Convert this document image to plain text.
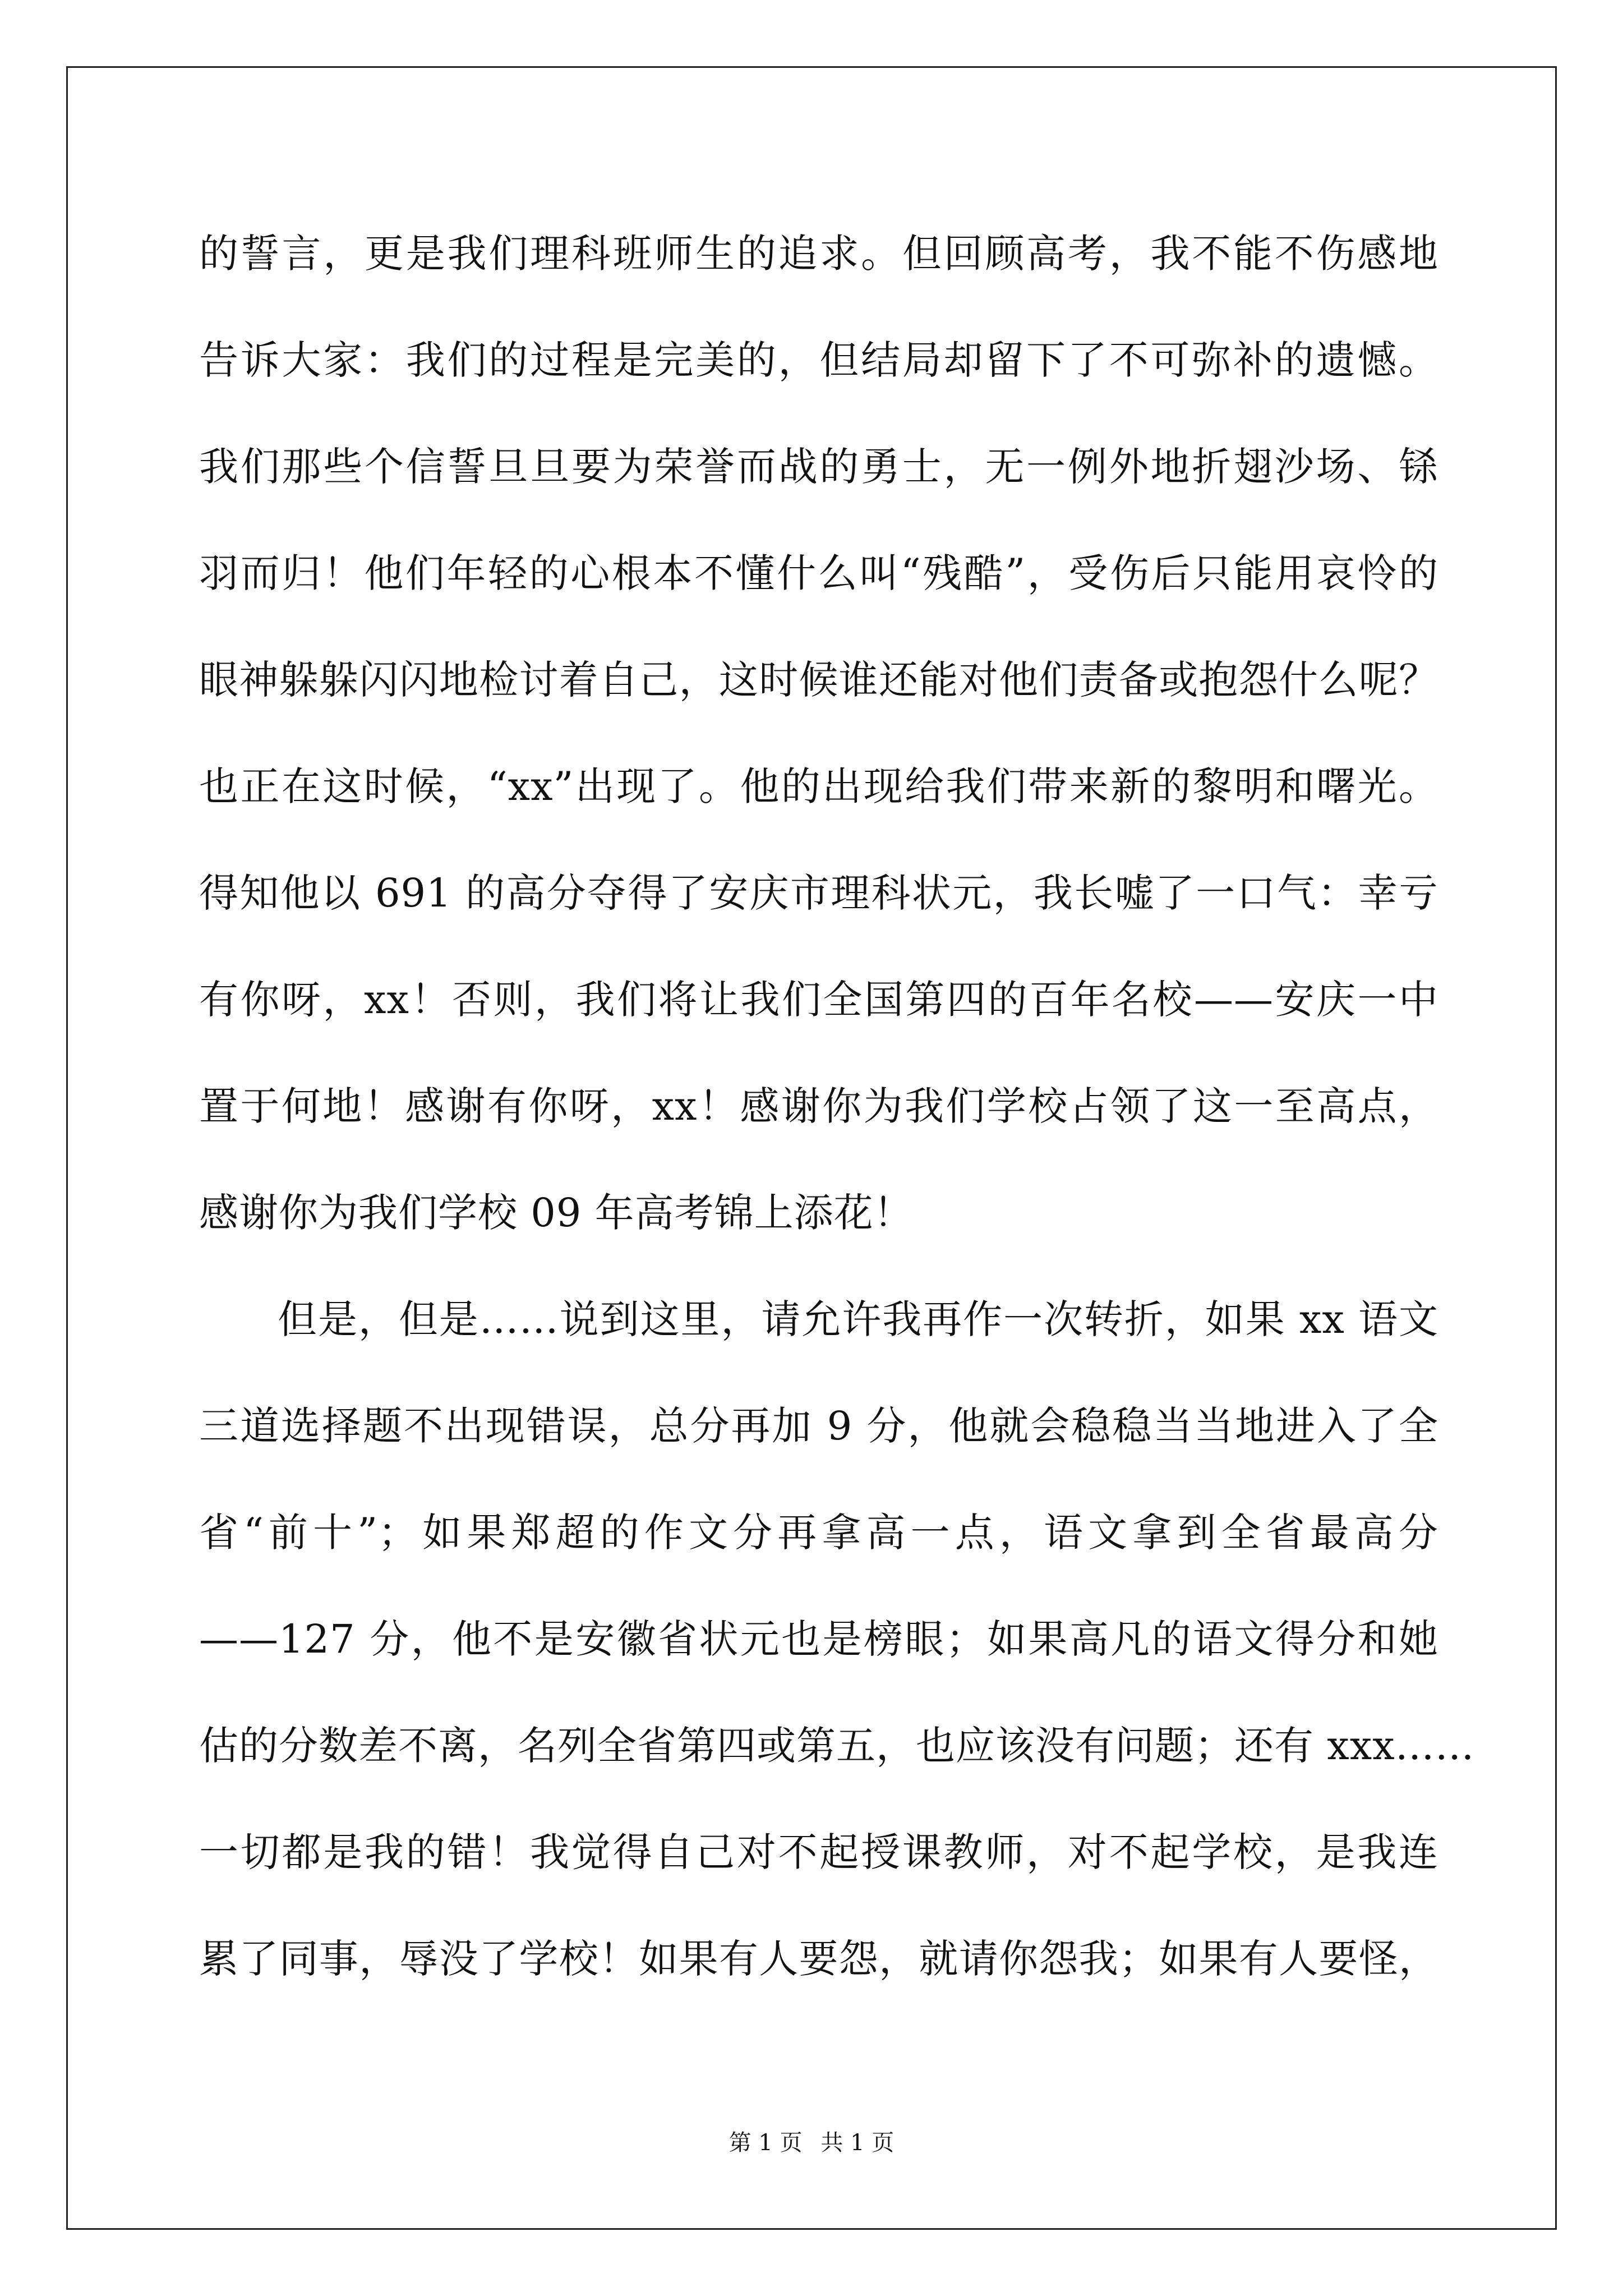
的誓言，更是我们理科班师生的追求。但回顾高考，我不能不伤感地
告诉大家：我们的过程是完美的，但结局却留下了不可弥补的遗憾。
我们那些个信誓旦旦要为荣誉而战的勇士，无一例外地折翅沙场、铩
羽而归！他们年轻的心根本不懂什么叫“残酷”，受伤后只能用哀怜的
眼神躲躲闪闪地检讨着自己，这时候谁还能对他们责备或抱怨什么呢？
也正在这时候，“xx”出现了。他的出现给我们带来新的黎明和曙光。
得知他以 691 的高分夺得了安庆市理科状元，我长嘘了一口气：幸亏
有你呀，xx！否则，我们将让我们全国第四的百年名校——安庆一中
置于何地！感谢有你呀，xx！感谢你为我们学校占领了这一至高点，
感谢你为我们学校 09 年高考锦上添花！
但是，但是……说到这里，请允许我再作一次转折，如果 xx 语文
三道选择题不出现错误，总分再加 9 分，他就会稳稳当当地进入了全
省“前十”；如果郑超的作文分再拿高一点，语文拿到全省最高分
——127 分，他不是安徽省状元也是榜眼；如果高凡的语文得分和她
估的分数差不离，名列全省第四或第五，也应该没有问题；还有 xxx……
一切都是我的错！我觉得自己对不起授课教师，对不起学校，是我连
累了同事，辱没了学校！如果有人要怨，就请你怨我；如果有人要怪，
第 1 页 共 1 页
